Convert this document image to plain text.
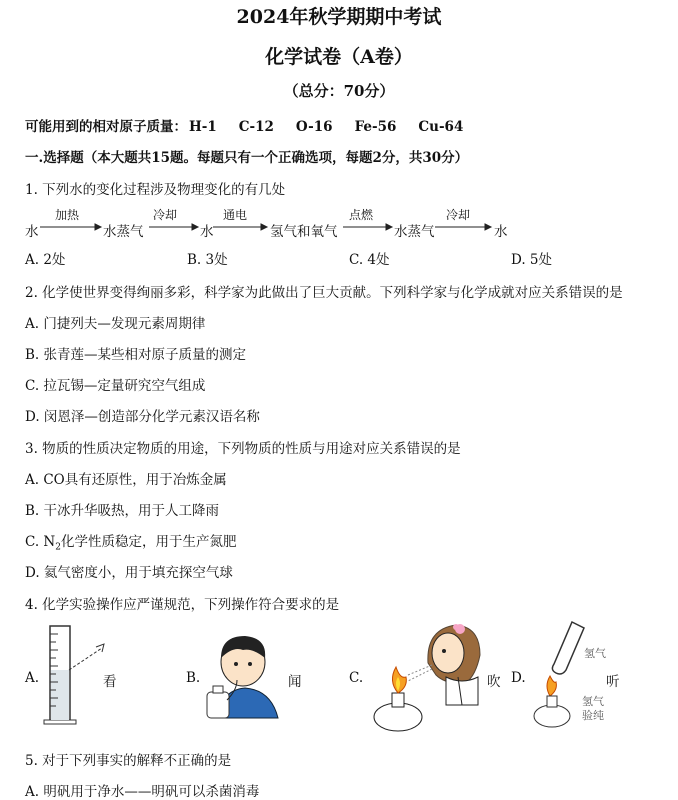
2024年秋学期期中考试
化学试卷（A卷）
（总分：70分）
可能用到的相对原子质量： H-1 C-12 O-16 Fe-56 Cu-64
一.选择题（本大题共15题。每题只有一个正确选项，每题2分，共30分）
1. 下列水的变化过程涉及物理变化的有几处
水
加热
水蒸气
冷却
水
通电
氢气和氧气
点燃
水蒸气
冷却
水
A. 2处	B. 3处	C. 4处	D. 5处
2. 化学使世界变得绚丽多彩，科学家为此做出了巨大贡献。下列科学家与化学成就对应关系错误的是
A. 门捷列夫—发现元素周期律
B. 张青莲—某些相对原子质量的测定
C. 拉瓦锡—定量研究空气组成
D. 闵恩泽—创造部分化学元素汉语名称
3. 物质的性质决定物质的用途，下列物质的性质与用途对应关系错误的是
A. CO具有还原性，用于冶炼金属
B. 干冰升华吸热，用于人工降雨
C. $N_2$化学性质稳定，用于生产氮肥
D. 氦气密度小，用于填充探空气球
4. 化学实验操作应严谨规范，下列操作符合要求的是
A.	看	B.	闻	C.	吹 D.
氢气
氢气
验纯
听
5. 对于下列事实的解释不正确的是
A. 明矾用于净水——明矾可以杀菌消毒
